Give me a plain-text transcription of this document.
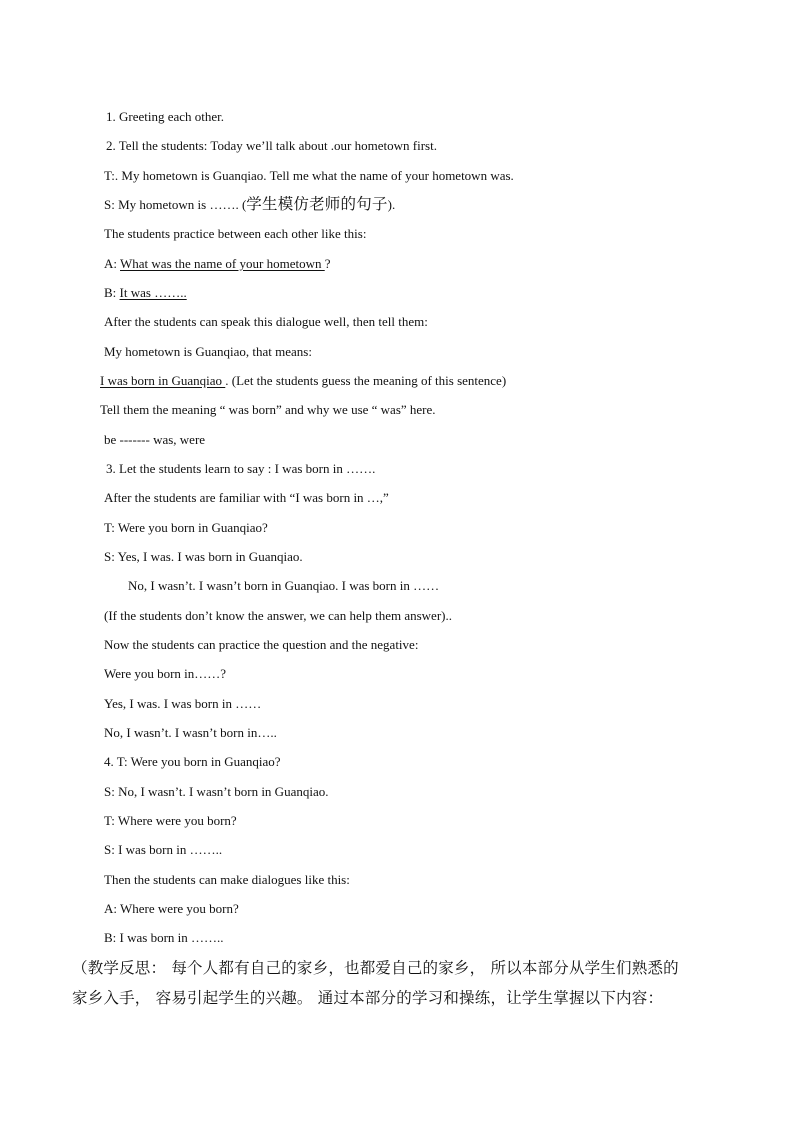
1. Greeting each other.
2. Tell the students: Today we’ll talk about .our hometown first.
T:. My hometown is Guanqiao. Tell me what the name of your hometown was.
S: My hometown is ……. (学生模仿老师的句子).
The students practice between each other like this:
A: What was the name of your hometown ?
B: It was ……..
After the students can speak this dialogue well, then tell them:
My hometown is Guanqiao, that means:
I was born in Guanqiao . (Let the students guess the meaning of this sentence)
Tell them the meaning “ was born” and why we use “ was” here.
be ------- was, were
3. Let the students learn to say : I was born in …….
After the students are familiar with “I was born in …,”
T: Were you born in Guanqiao?
S: Yes, I was. I was born in Guanqiao.
No, I wasn’t. I wasn’t born in Guanqiao. I was born in ……
(If the students don’t know the answer, we can help them answer)..
Now the students can practice the question and the negative:
Were you born in……?
Yes, I was. I was born in ……
No, I wasn’t. I wasn’t born in…..
4. T: Were you born in Guanqiao?
S: No, I wasn’t. I wasn’t born in Guanqiao.
T: Where were you born?
S: I was born in ……..
Then the students can make dialogues like this:
A: Where were you born?
B: I was born in ……..
（教学反思： 每个人都有自己的家乡，也都爱自己的家乡， 所以本部分从学生们熟悉的
家乡入手， 容易引起学生的兴趣。 通过本部分的学习和操练，让学生掌握以下内容：
